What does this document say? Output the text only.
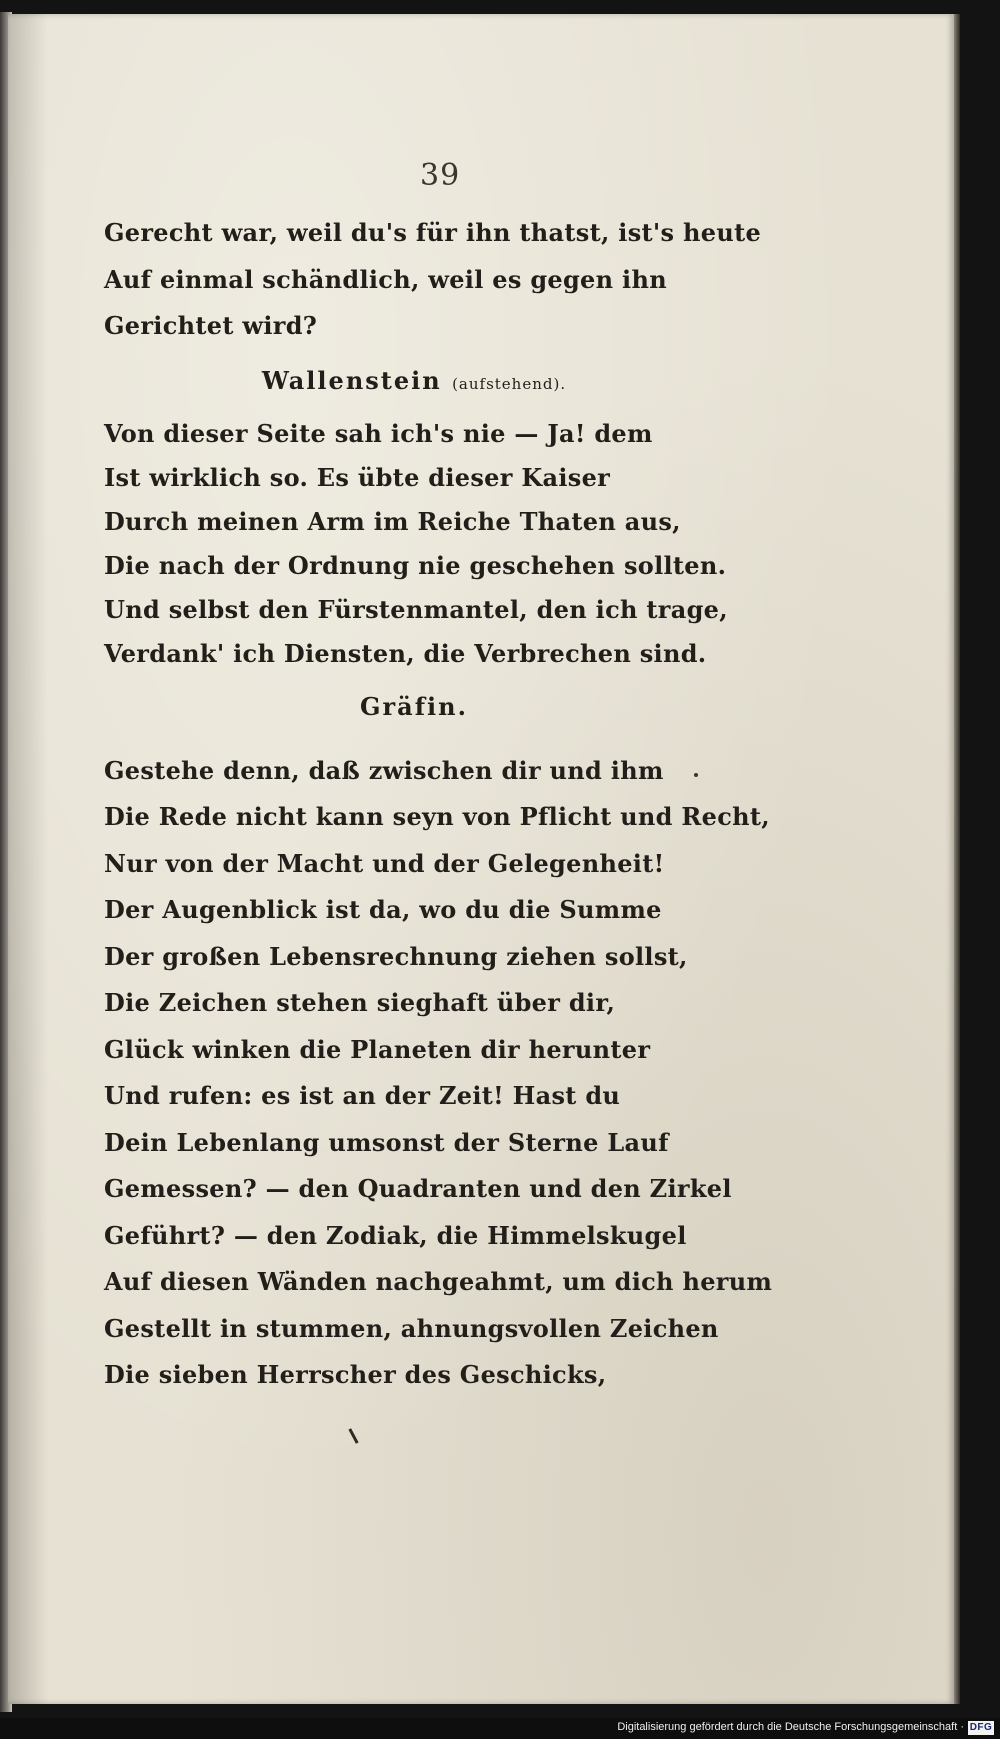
39
Gerecht war, weil du's für ihn thatst, ist's heute
Auf einmal schändlich, weil es gegen ihn
Gerichtet wird?
Wallenstein (aufstehend).
Von dieser Seite sah ich's nie — Ja! dem
Ist wirklich so. Es übte dieser Kaiser
Durch meinen Arm im Reiche Thaten aus,
Die nach der Ordnung nie geschehen sollten.
Und selbst den Fürstenmantel, den ich trage,
Verdank' ich Diensten, die Verbrechen sind.
Gräfin.
Gestehe denn, daß zwischen dir und ihm
Die Rede nicht kann seyn von Pflicht und Recht,
Nur von der Macht und der Gelegenheit!
Der Augenblick ist da, wo du die Summe
Der großen Lebensrechnung ziehen sollst,
Die Zeichen stehen sieghaft über dir,
Glück winken die Planeten dir herunter
Und rufen: es ist an der Zeit! Hast du
Dein Lebenlang umsonst der Sterne Lauf
Gemessen? — den Quadranten und den Zirkel
Geführt? — den Zodiak, die Himmelskugel
Auf diesen Wänden nachgeahmt, um dich herum
Gestellt in stummen, ahnungsvollen Zeichen
Die sieben Herrscher des Geschicks,
Digitalisierung gefördert durch die Deutsche Forschungsgemeinschaft · DFG
